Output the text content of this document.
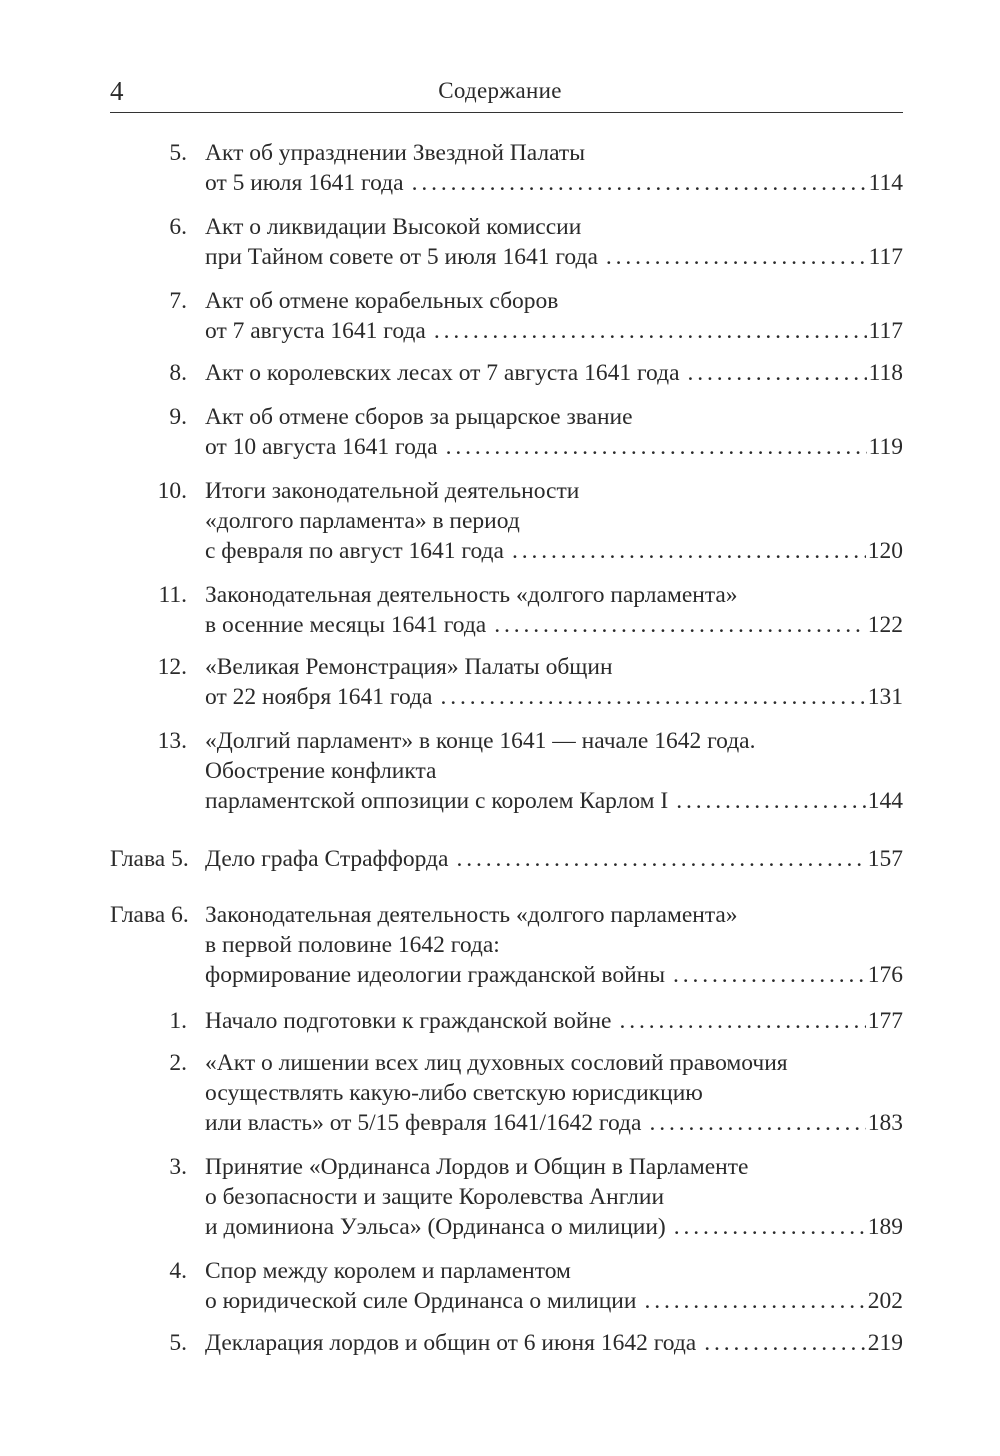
4	Содержание
5. Акт об упразднении Звездной Палаты
от 5 июля 1641 года . . .	114
6. Акт о ликвидации Высокой комиссии
при Тайном совете от 5 июля 1641 года . . .	117
7. Акт об отмене корабельных сборов
от 7 августа 1641 года . . .	117
8. Акт о королевских лесах от 7 августа 1641 года . . .	118
9. Акт об отмене сборов за рыцарское звание
от 10 августа 1641 года . . .	119
10. Итоги законодательной деятельности
«долгого парламента» в период
с февраля по август 1641 года . . .	120
11. Законодательная деятельность «долгого парламента»
в осенние месяцы 1641 года . . .	122
12. «Великая Ремонстрация» Палаты общин
от 22 ноября 1641 года . . .	131
13. «Долгий парламент» в конце 1641 — начале 1642 года.
Обострение конфликта
парламентской оппозиции с королем Карлом I . . .	144
Глава 5. Дело графа Страффорда . . .	157
Глава 6. Законодательная деятельность «долгого парламента»
в первой половине 1642 года:
формирование идеологии гражданской войны . . .	176
1. Начало подготовки к гражданской войне . . .	177
2. «Акт о лишении всех лиц духовных сословий правомочия
осуществлять какую-либо светскую юрисдикцию
или власть» от 5/15 февраля 1641/1642 года . . .	183
3. Принятие «Ординанса Лордов и Общин в Парламенте
о безопасности и защите Королевства Англии
и доминиона Уэльса» (Ординанса о милиции) . . .	189
4. Спор между королем и парламентом
о юридической силе Ординанса о милиции . . .	202
5. Декларация лордов и общин от 6 июня 1642 года . . .	219
